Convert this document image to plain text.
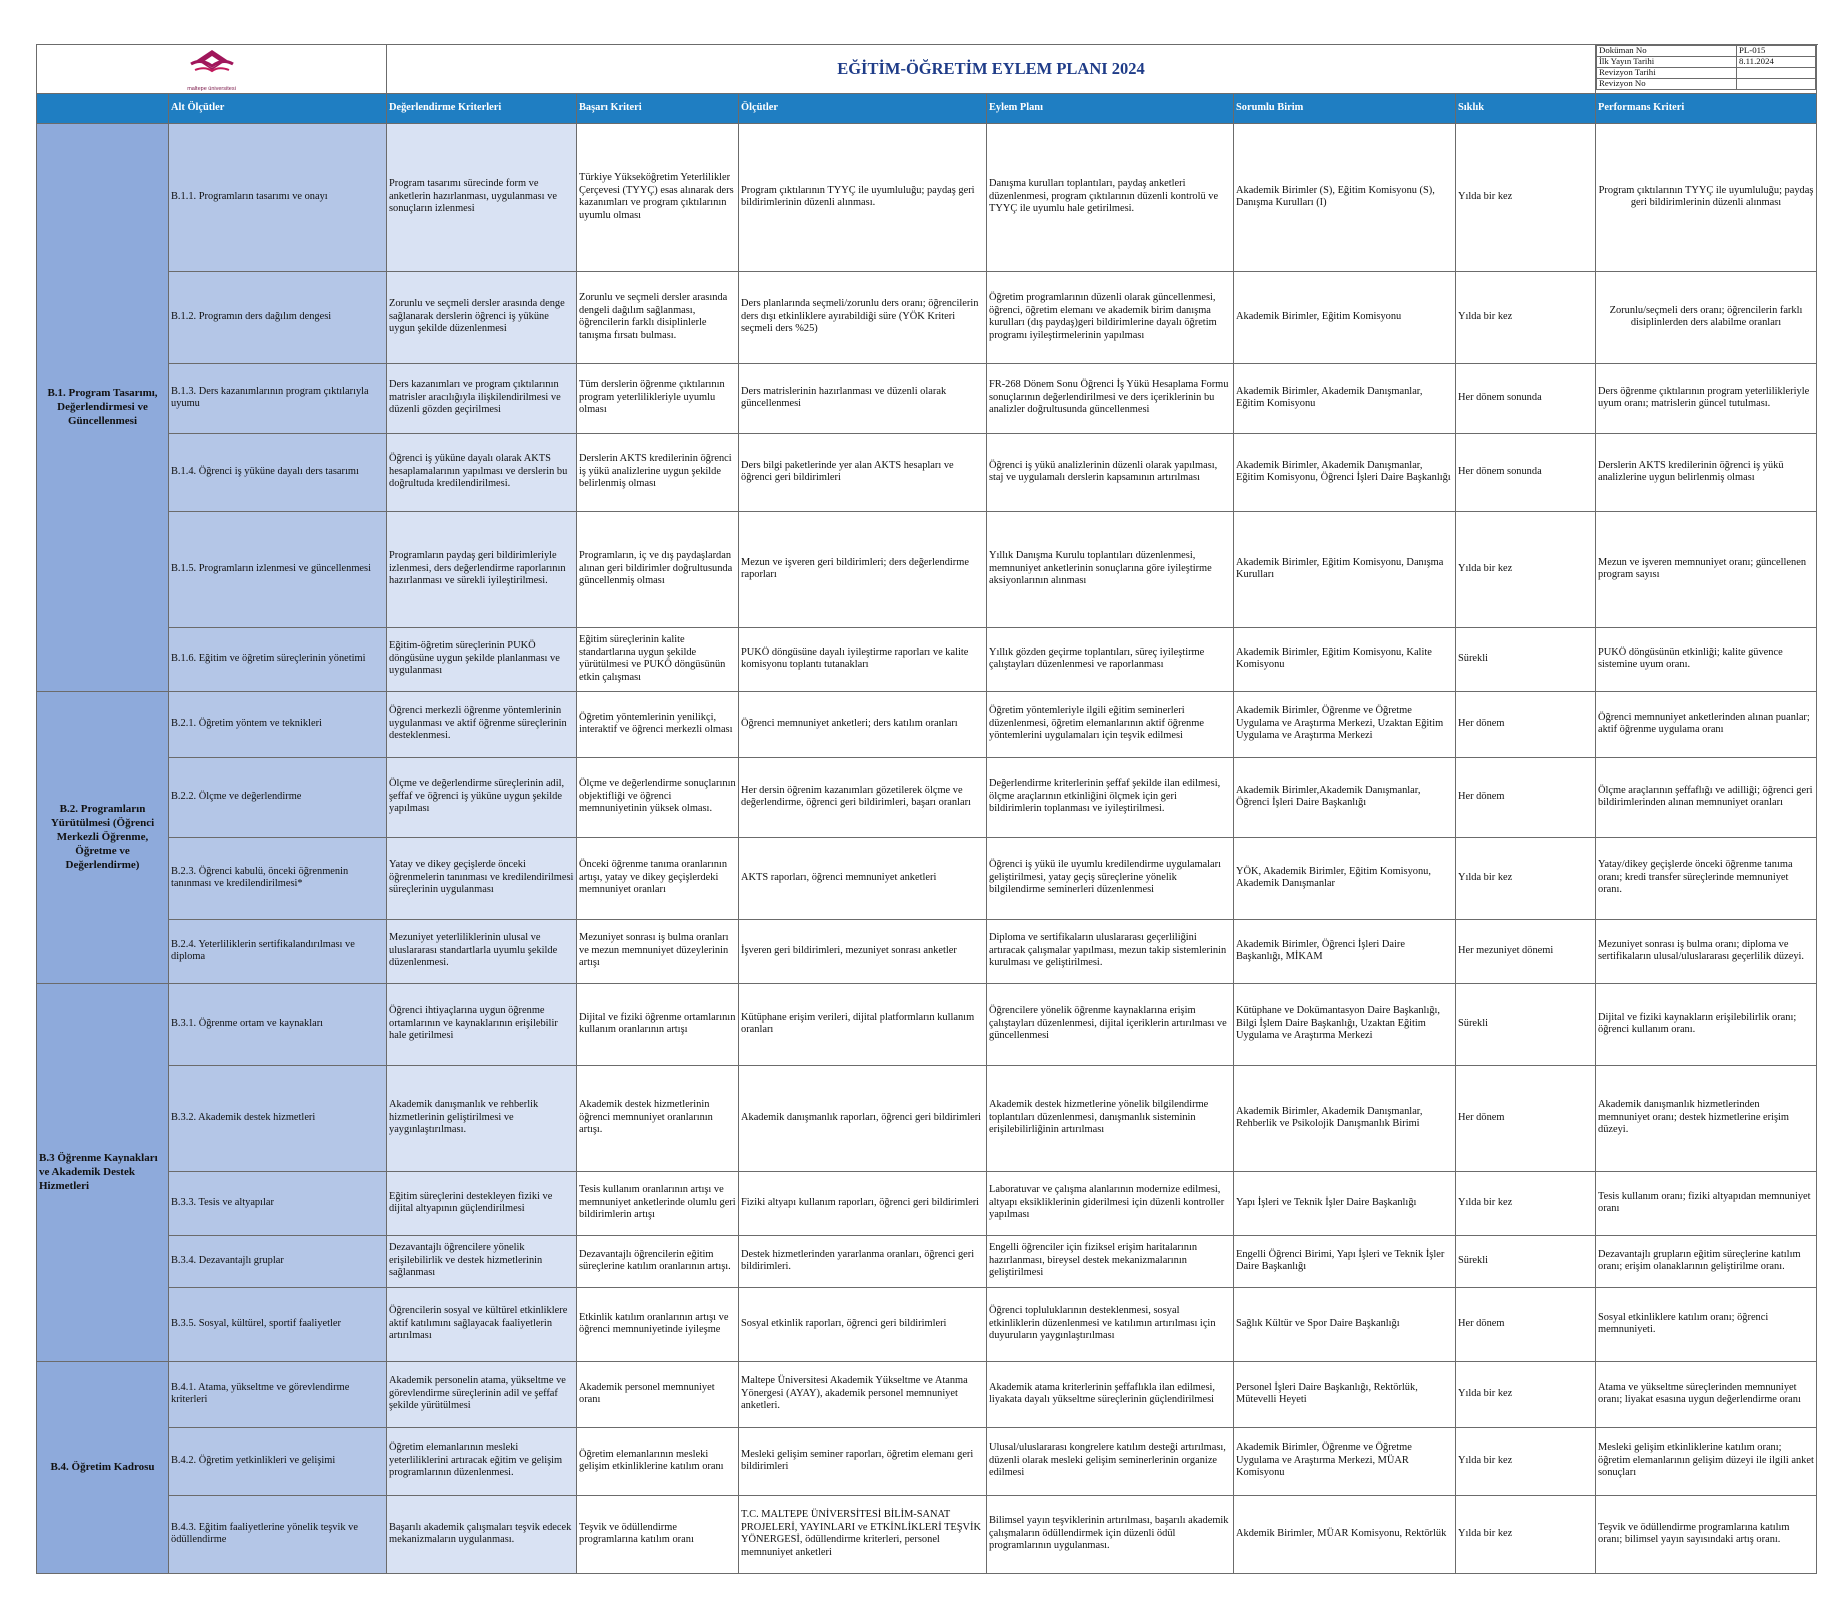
maltepe üniversitesi
	EĞİTİM-ÖĞRETİM EYLEM PLANI 2024	
Doküman No	PL-015
İlk Yayın Tarihi	8.11.2024
Revizyon Tarihi	
Revizyon No	

	Alt Ölçütler	Değerlendirme Kriterleri	Başarı Kriteri	Ölçütler	Eylem Planı	Sorumlu Birim	Sıklık	Performans Kriteri
B.1. Program Tasarımı, Değerlendirmesi ve Güncellenmesi	B.1.1. Programların tasarımı ve onayı	Program tasarımı sürecinde form ve anketlerin hazırlanması, uygulanması ve sonuçların izlenmesi	Türkiye Yükseköğretim Yeterlilikler Çerçevesi (TYYÇ) esas alınarak ders kazanımları ve program çıktılarının uyumlu olması	Program çıktılarının TYYÇ ile uyumluluğu; paydaş geri bildirimlerinin düzenli alınması.	Danışma kurulları toplantıları, paydaş anketleri düzenlenmesi, program çıktılarının düzenli kontrolü ve TYYÇ ile uyumlu hale getirilmesi.	Akademik Birimler (S), Eğitim Komisyonu (S), Danışma Kurulları (I)	Yılda bir kez	Program çıktılarının TYYÇ ile uyumluluğu; paydaş geri bildirimlerinin düzenli alınması
B.1.2. Programın ders dağılım dengesi	Zorunlu ve seçmeli dersler arasında denge sağlanarak derslerin öğrenci iş yüküne uygun şekilde düzenlenmesi	Zorunlu ve seçmeli dersler arasında dengeli dağılım sağlanması, öğrencilerin farklı disiplinlerle tanışma fırsatı bulması.	Ders planlarında seçmeli/zorunlu ders oranı; öğrencilerin ders dışı etkinliklere ayırabildiği süre (YÖK Kriteri seçmeli ders %25)	Öğretim programlarının düzenli olarak güncellenmesi, öğrenci, öğretim elemanı ve akademik birim danışma kurulları (dış paydaş)geri bildirimlerine dayalı öğretim programı iyileştirmelerinin yapılması	Akademik Birimler, Eğitim Komisyonu	Yılda bir kez	Zorunlu/seçmeli ders oranı; öğrencilerin farklı disiplinlerden ders alabilme oranları
B.1.3. Ders kazanımlarının program çıktılarıyla uyumu	Ders kazanımları ve program çıktılarının matrisler aracılığıyla ilişkilendirilmesi ve düzenli gözden geçirilmesi	Tüm derslerin öğrenme çıktılarının program yeterlilikleriyle uyumlu olması	Ders matrislerinin hazırlanması ve düzenli olarak güncellenmesi	FR-268 Dönem Sonu Öğrenci İş Yükü Hesaplama Formu sonuçlarının değerlendirilmesi ve ders içeriklerinin bu analizler doğrultusunda güncellenmesi	Akademik Birimler, Akademik Danışmanlar, Eğitim Komisyonu	Her dönem sonunda	Ders öğrenme çıktılarının program yeterlilikleriyle uyum oranı; matrislerin güncel tutulması.
B.1.4. Öğrenci iş yüküne dayalı ders tasarımı	Öğrenci iş yüküne dayalı olarak AKTS hesaplamalarının yapılması ve derslerin bu doğrultuda kredilendirilmesi.	Derslerin AKTS kredilerinin öğrenci iş yükü analizlerine uygun şekilde belirlenmiş olması	Ders bilgi paketlerinde yer alan AKTS hesapları ve öğrenci geri bildirimleri	Öğrenci iş yükü analizlerinin düzenli olarak yapılması, staj ve uygulamalı derslerin kapsamının artırılması	Akademik Birimler, Akademik Danışmanlar, Eğitim Komisyonu, Öğrenci İşleri Daire Başkanlığı	Her dönem sonunda	Derslerin AKTS kredilerinin öğrenci iş yükü analizlerine uygun belirlenmiş olması
B.1.5. Programların izlenmesi ve güncellenmesi	Programların paydaş geri bildirimleriyle izlenmesi, ders değerlendirme raporlarının hazırlanması ve sürekli iyileştirilmesi.	Programların, iç ve dış paydaşlardan alınan geri bildirimler doğrultusunda güncellenmiş olması	Mezun ve işveren geri bildirimleri; ders değerlendirme raporları	Yıllık Danışma Kurulu toplantıları düzenlenmesi, memnuniyet anketlerinin sonuçlarına göre iyileştirme aksiyonlarının alınması	Akademik Birimler, Eğitim Komisyonu, Danışma Kurulları	Yılda bir kez	Mezun ve işveren memnuniyet oranı; güncellenen program sayısı
B.1.6. Eğitim ve öğretim süreçlerinin yönetimi	Eğitim-öğretim süreçlerinin PUKÖ döngüsüne uygun şekilde planlanması ve uygulanması	Eğitim süreçlerinin kalite standartlarına uygun şekilde yürütülmesi ve PUKÖ döngüsünün etkin çalışması	PUKÖ döngüsüne dayalı iyileştirme raporları ve kalite komisyonu toplantı tutanakları	Yıllık gözden geçirme toplantıları, süreç iyileştirme çalıştayları düzenlenmesi ve raporlanması	Akademik Birimler, Eğitim Komisyonu, Kalite Komisyonu	Sürekli	PUKÖ döngüsünün etkinliği; kalite güvence sistemine uyum oranı.
B.2. Programların Yürütülmesi (Öğrenci Merkezli Öğrenme, Öğretme ve Değerlendirme)	B.2.1. Öğretim yöntem ve teknikleri	Öğrenci merkezli öğrenme yöntemlerinin uygulanması ve aktif öğrenme süreçlerinin desteklenmesi.	Öğretim yöntemlerinin yenilikçi, interaktif ve öğrenci merkezli olması	Öğrenci memnuniyet anketleri; ders katılım oranları	Öğretim yöntemleriyle ilgili eğitim seminerleri düzenlenmesi, öğretim elemanlarının aktif öğrenme yöntemlerini uygulamaları için teşvik edilmesi	Akademik Birimler, Öğrenme ve Öğretme Uygulama ve Araştırma Merkezi, Uzaktan Eğitim Uygulama ve Araştırma Merkezi	Her dönem	Öğrenci memnuniyet anketlerinden alınan puanlar; aktif öğrenme uygulama oranı
B.2.2. Ölçme ve değerlendirme	Ölçme ve değerlendirme süreçlerinin adil, şeffaf ve öğrenci iş yüküne uygun şekilde yapılması	Ölçme ve değerlendirme sonuçlarının objektifliği ve öğrenci memnuniyetinin yüksek olması.	Her dersin öğrenim kazanımları gözetilerek ölçme ve değerlendirme, öğrenci geri bildirimleri, başarı oranları	Değerlendirme kriterlerinin şeffaf şekilde ilan edilmesi, ölçme araçlarının etkinliğini ölçmek için geri bildirimlerin toplanması ve iyileştirilmesi.	Akademik Birimler,Akademik Danışmanlar, Öğrenci İşleri Daire Başkanlığı	Her dönem	Ölçme araçlarının şeffaflığı ve adilliği; öğrenci geri bildirimlerinden alınan memnuniyet oranları
B.2.3. Öğrenci kabulü, önceki öğrenmenin tanınması ve kredilendirilmesi*	Yatay ve dikey geçişlerde önceki öğrenmelerin tanınması ve kredilendirilmesi süreçlerinin uygulanması	Önceki öğrenme tanıma oranlarının artışı, yatay ve dikey geçişlerdeki memnuniyet oranları	AKTS raporları, öğrenci memnuniyet anketleri	Öğrenci iş yükü ile uyumlu kredilendirme uygulamaları geliştirilmesi, yatay geçiş süreçlerine yönelik bilgilendirme seminerleri düzenlenmesi	YÖK, Akademik Birimler, Eğitim Komisyonu, Akademik Danışmanlar	Yılda bir kez	Yatay/dikey geçişlerde önceki öğrenme tanıma oranı; kredi transfer süreçlerinde memnuniyet oranı.
B.2.4. Yeterliliklerin sertifikalandırılması ve diploma	Mezuniyet yeterliliklerinin ulusal ve uluslararası standartlarla uyumlu şekilde düzenlenmesi.	Mezuniyet sonrası iş bulma oranları ve mezun memnuniyet düzeylerinin artışı	İşveren geri bildirimleri, mezuniyet sonrası anketler	Diploma ve sertifikaların uluslararası geçerliliğini artıracak çalışmalar yapılması, mezun takip sistemlerinin kurulması ve geliştirilmesi.	Akademik Birimler, Öğrenci İşleri Daire Başkanlığı, MİKAM	Her mezuniyet dönemi	Mezuniyet sonrası iş bulma oranı; diploma ve sertifikaların ulusal/uluslararası geçerlilik düzeyi.
B.3 Öğrenme Kaynakları ve Akademik Destek Hizmetleri	B.3.1. Öğrenme ortam ve kaynakları	Öğrenci ihtiyaçlarına uygun öğrenme ortamlarının ve kaynaklarının erişilebilir hale getirilmesi	Dijital ve fiziki öğrenme ortamlarının kullanım oranlarının artışı	Kütüphane erişim verileri, dijital platformların kullanım oranları	Öğrencilere yönelik öğrenme kaynaklarına erişim çalıştayları düzenlenmesi, dijital içeriklerin artırılması ve güncellenmesi	Kütüphane ve Dokümantasyon Daire Başkanlığı, Bilgi İşlem Daire Başkanlığı, Uzaktan Eğitim Uygulama ve Araştırma Merkezi	Sürekli	Dijital ve fiziki kaynakların erişilebilirlik oranı; öğrenci kullanım oranı.
B.3.2. Akademik destek hizmetleri	Akademik danışmanlık ve rehberlik hizmetlerinin geliştirilmesi ve yaygınlaştırılması.	Akademik destek hizmetlerinin öğrenci memnuniyet oranlarının artışı.	Akademik danışmanlık raporları, öğrenci geri bildirimleri	Akademik destek hizmetlerine yönelik bilgilendirme toplantıları düzenlenmesi, danışmanlık sisteminin erişilebilirliğinin artırılması	Akademik Birimler, Akademik Danışmanlar, Rehberlik ve Psikolojik Danışmanlık Birimi	Her dönem	Akademik danışmanlık hizmetlerinden memnuniyet oranı; destek hizmetlerine erişim düzeyi.
B.3.3. Tesis ve altyapılar	Eğitim süreçlerini destekleyen fiziki ve dijital altyapının güçlendirilmesi	Tesis kullanım oranlarının artışı ve memnuniyet anketlerinde olumlu geri bildirimlerin artışı	Fiziki altyapı kullanım raporları, öğrenci geri bildirimleri	Laboratuvar ve çalışma alanlarının modernize edilmesi, altyapı eksikliklerinin giderilmesi için düzenli kontroller yapılması	Yapı İşleri ve Teknik İşler Daire Başkanlığı	Yılda bir kez	Tesis kullanım oranı; fiziki altyapıdan memnuniyet oranı
B.3.4. Dezavantajlı gruplar	Dezavantajlı öğrencilere yönelik erişilebilirlik ve destek hizmetlerinin sağlanması	Dezavantajlı öğrencilerin eğitim süreçlerine katılım oranlarının artışı.	Destek hizmetlerinden yararlanma oranları, öğrenci geri bildirimleri.	Engelli öğrenciler için fiziksel erişim haritalarının hazırlanması, bireysel destek mekanizmalarının geliştirilmesi	Engelli Öğrenci Birimi, Yapı İşleri ve Teknik İşler Daire Başkanlığı	Sürekli	Dezavantajlı grupların eğitim süreçlerine katılım oranı; erişim olanaklarının geliştirilme oranı.
B.3.5. Sosyal, kültürel, sportif faaliyetler	Öğrencilerin sosyal ve kültürel etkinliklere aktif katılımını sağlayacak faaliyetlerin artırılması	Etkinlik katılım oranlarının artışı ve öğrenci memnuniyetinde iyileşme	Sosyal etkinlik raporları, öğrenci geri bildirimleri	Öğrenci topluluklarının desteklenmesi, sosyal etkinliklerin düzenlenmesi ve katılımın artırılması için duyuruların yaygınlaştırılması	Sağlık Kültür ve Spor Daire Başkanlığı	Her dönem	Sosyal etkinliklere katılım oranı; öğrenci memnuniyeti.
B.4. Öğretim Kadrosu	B.4.1. Atama, yükseltme ve görevlendirme kriterleri	Akademik personelin atama, yükseltme ve görevlendirme süreçlerinin adil ve şeffaf şekilde yürütülmesi	Akademik personel memnuniyet oranı	Maltepe Üniversitesi Akademik Yükseltme ve Atanma Yönergesi (AYAY), akademik personel memnuniyet anketleri.	Akademik atama kriterlerinin şeffaflıkla ilan edilmesi, liyakata dayalı yükseltme süreçlerinin güçlendirilmesi	Personel İşleri Daire Başkanlığı, Rektörlük, Mütevelli Heyeti	Yılda bir kez	Atama ve yükseltme süreçlerinden memnuniyet oranı; liyakat esasına uygun değerlendirme oranı
B.4.2. Öğretim yetkinlikleri ve gelişimi	Öğretim elemanlarının mesleki yeterliliklerini artıracak eğitim ve gelişim programlarının düzenlenmesi.	Öğretim elemanlarının mesleki gelişim etkinliklerine katılım oranı	Mesleki gelişim seminer raporları, öğretim elemanı geri bildirimleri	Ulusal/uluslararası kongrelere katılım desteği artırılması, düzenli olarak mesleki gelişim seminerlerinin organize edilmesi	Akademik Birimler, Öğrenme ve Öğretme Uygulama ve Araştırma Merkezi, MÜAR Komisyonu	Yılda bir kez	Mesleki gelişim etkinliklerine katılım oranı; öğretim elemanlarının gelişim düzeyi ile ilgili anket sonuçları
B.4.3. Eğitim faaliyetlerine yönelik teşvik ve ödüllendirme	Başarılı akademik çalışmaları teşvik edecek mekanizmaların uygulanması.	Teşvik ve ödüllendirme programlarına katılım oranı	T.C. MALTEPE ÜNİVERSİTESİ BİLİM-SANAT PROJELERİ, YAYINLARI ve ETKİNLİKLERİ TEŞVİK YÖNERGESİ, ödüllendirme kriterleri, personel memnuniyet anketleri	Bilimsel yayın teşviklerinin artırılması, başarılı akademik çalışmaların ödüllendirmek için düzenli ödül programlarının uygulanması.	Akdemik Birimler, MÜAR Komisyonu, Rektörlük	Yılda bir kez	Teşvik ve ödüllendirme programlarına katılım oranı; bilimsel yayın sayısındaki artış oranı.
